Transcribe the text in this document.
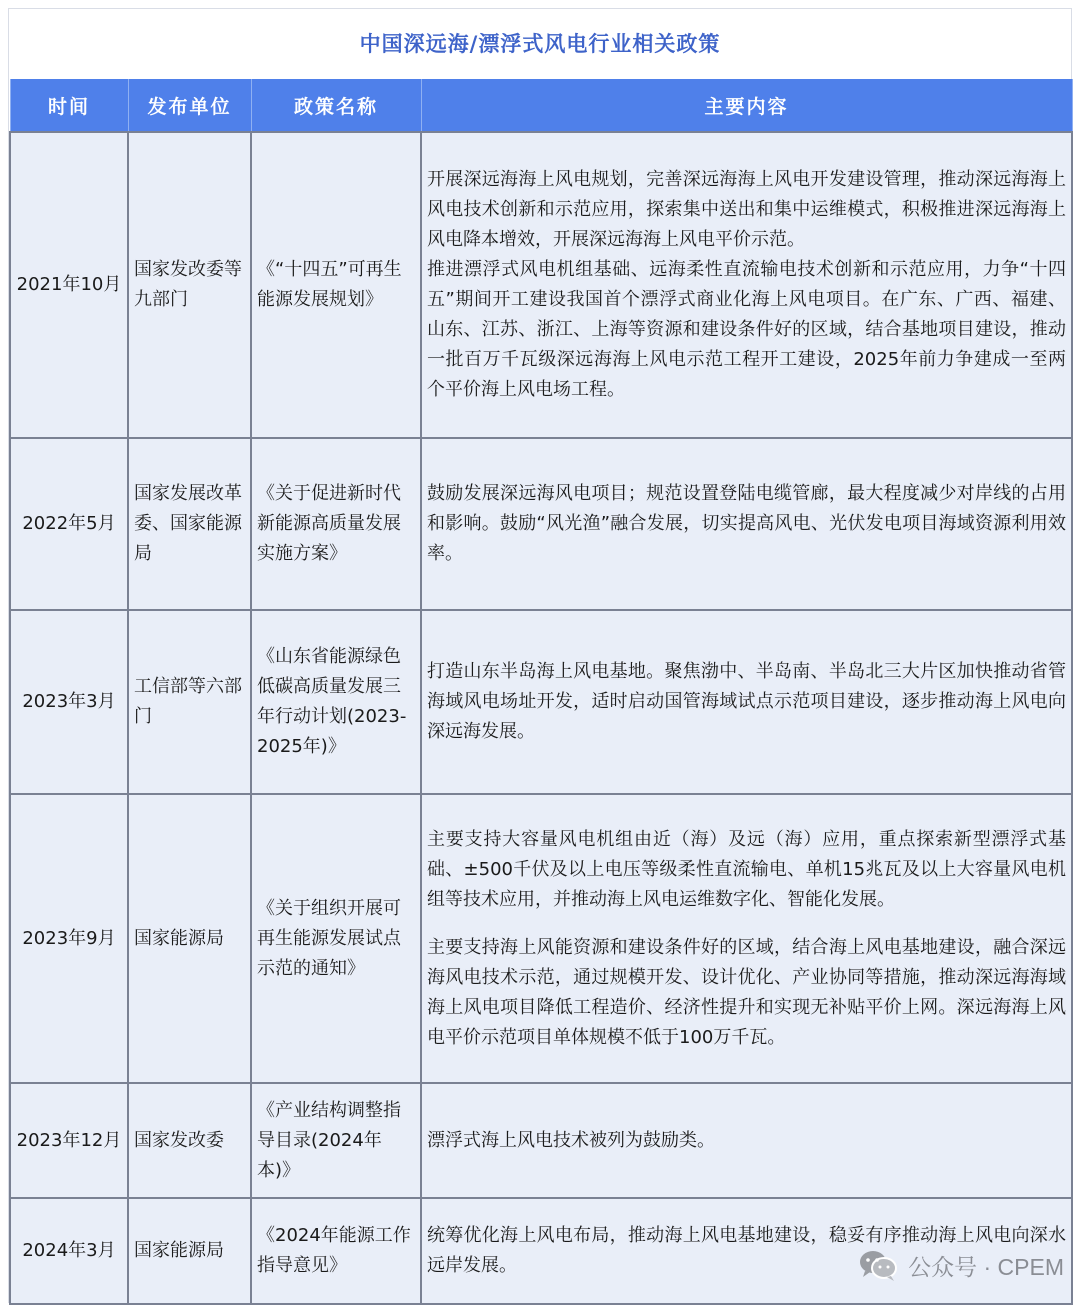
中国深远海/漂浮式风电行业相关政策
时间	发布单位	政策名称	主要内容
2021年10月	国家发改委等九部门	《“十四五”可再生能源发展规划》	开展深远海海上风电规划，完善深远海海上风电开发建设管理，推动深远海海上风电技术创新和示范应用，探索集中送出和集中运维模式，积极推进深远海海上风电降本增效，开展深远海海上风电平价示范。
推进漂浮式风电机组基础、远海柔性直流输电技术创新和示范应用，力争“十四五”期间开工建设我国首个漂浮式商业化海上风电项目。在广东、广西、福建、山东、江苏、浙江、上海等资源和建设条件好的区域，结合基地项目建设，推动一批百万千瓦级深远海海上风电示范工程开工建设，2025年前力争建成一至两个平价海上风电场工程。

2022年5月	国家发展改革委、国家能源局	《关于促进新时代新能源高质量发展实施方案》	鼓励发展深远海风电项目；规范设置登陆电缆管廊，最大程度减少对岸线的占用和影响。鼓励“风光渔”融合发展，切实提高风电、光伏发电项目海域资源利用效率。

2023年3月	工信部等六部门	《山东省能源绿色低碳高质量发展三年行动计划(2023-2025年)》	打造山东半岛海上风电基地。聚焦渤中、半岛南、半岛北三大片区加快推动省管海域风电场址开发，适时启动国管海域试点示范项目建设，逐步推动海上风电向深远海发展。

2023年9月	国家能源局	《关于组织开展可再生能源发展试点示范的通知》	主要支持大容量风电机组由近（海）及远（海）应用，重点探索新型漂浮式基础、±500千伏及以上电压等级柔性直流输电、单机15兆瓦及以上大容量风电机组等技术应用，并推动海上风电运维数字化、智能化发展。
主要支持海上风能资源和建设条件好的区域，结合海上风电基地建设，融合深远海风电技术示范，通过规模开发、设计优化、产业协同等措施，推动深远海海域海上风电项目降低工程造价、经济性提升和实现无补贴平价上网。深远海海上风电平价示范项目单体规模不低于100万千瓦。

2023年12月	国家发改委	《产业结构调整指导目录(2024年本)》	漂浮式海上风电技术被列为鼓励类。

2024年3月	国家能源局	《2024年能源工作指导意见》	统筹优化海上风电布局，推动海上风电基地建设，稳妥有序推动海上风电向深水远岸发展。	公众号 · CPEM
